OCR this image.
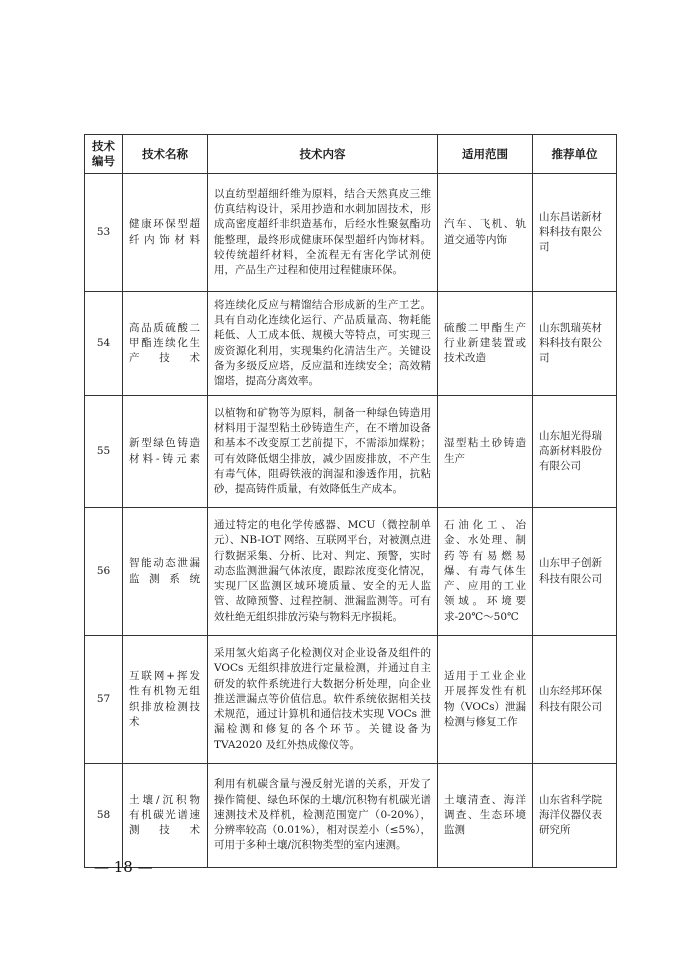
技术编号	技术名称	技术内容	适用范围	推荐单位
53	健康环保型超纤内饰材料	以直纺型超细纤维为原料，结合天然真皮三维仿真结构设计，采用抄造和水刺加固技术，形成高密度超纤非织造基布，后经水性聚氨酯功能整理，最终形成健康环保型超纤内饰材料。较传统超纤材料，全流程无有害化学试剂使用，产品生产过程和使用过程健康环保。	汽车、飞机、轨道交通等内饰	山东昌诺新材料科技有限公司
54	高品质硫酸二甲酯连续化生产技术	将连续化反应与精馏结合形成新的生产工艺。具有自动化连续化运行、产品质量高、物耗能耗低、人工成本低、规模大等特点，可实现三废资源化利用，实现集约化清洁生产。关键设备为多级反应塔，反应温和连续安全；高效精馏塔，提高分离效率。	硫酸二甲酯生产行业新建装置或技术改造	山东凯瑞英材料科技有限公司
55	新型绿色铸造材料-铸元素	以植物和矿物等为原料，制备一种绿色铸造用材料用于湿型粘土砂铸造生产，在不增加设备和基本不改变原工艺前提下，不需添加煤粉；可有效降低烟尘排放，减少固废排放，不产生有毒气体，阻碍铁液的润湿和渗透作用，抗粘砂，提高铸件质量，有效降低生产成本。	湿型粘土砂铸造生产	山东旭光得瑞高新材料股份有限公司
56	智能动态泄漏监测系统	通过特定的电化学传感器、MCU（微控制单元）、NB-IOT 网络、互联网平台，对被测点进行数据采集、分析、比对、判定、预警，实时动态监测泄漏气体浓度，跟踪浓度变化情况，实现厂区监测区域环境质量、安全的无人监管、故障预警、过程控制、泄漏监测等。可有效杜绝无组织排放污染与物料无序损耗。	石油化工、冶金、水处理、制药等有易燃易爆、有毒气体生产、应用的工业领域。环境要求-20℃～50℃	山东甲子创新科技有限公司
57	互联网+挥发性有机物无组织排放检测技术	采用氢火焰离子化检测仪对企业设备及组件的 VOCs 无组织排放进行定量检测，并通过自主研发的软件系统进行大数据分析处理，向企业推送泄漏点等价值信息。软件系统依据相关技术规范，通过计算机和通信技术实现 VOCs 泄漏检测和修复的各个环节。关键设备为 TVA2020 及红外热成像仪等。	适用于工业企业开展挥发性有机物（VOCs）泄漏检测与修复工作	山东经邦环保科技有限公司
58	土壤/沉积物有机碳光谱速测技术	利用有机碳含量与漫反射光谱的关系，开发了操作简便、绿色环保的土壤/沉积物有机碳光谱速测技术及样机，检测范围宽广（0-20%），分辨率较高（0.01%），相对误差小（≤5%），可用于多种土壤/沉积物类型的室内速测。	土壤清查、海洋调查、生态环境监测	山东省科学院海洋仪器仪表研究所
— 18 —
